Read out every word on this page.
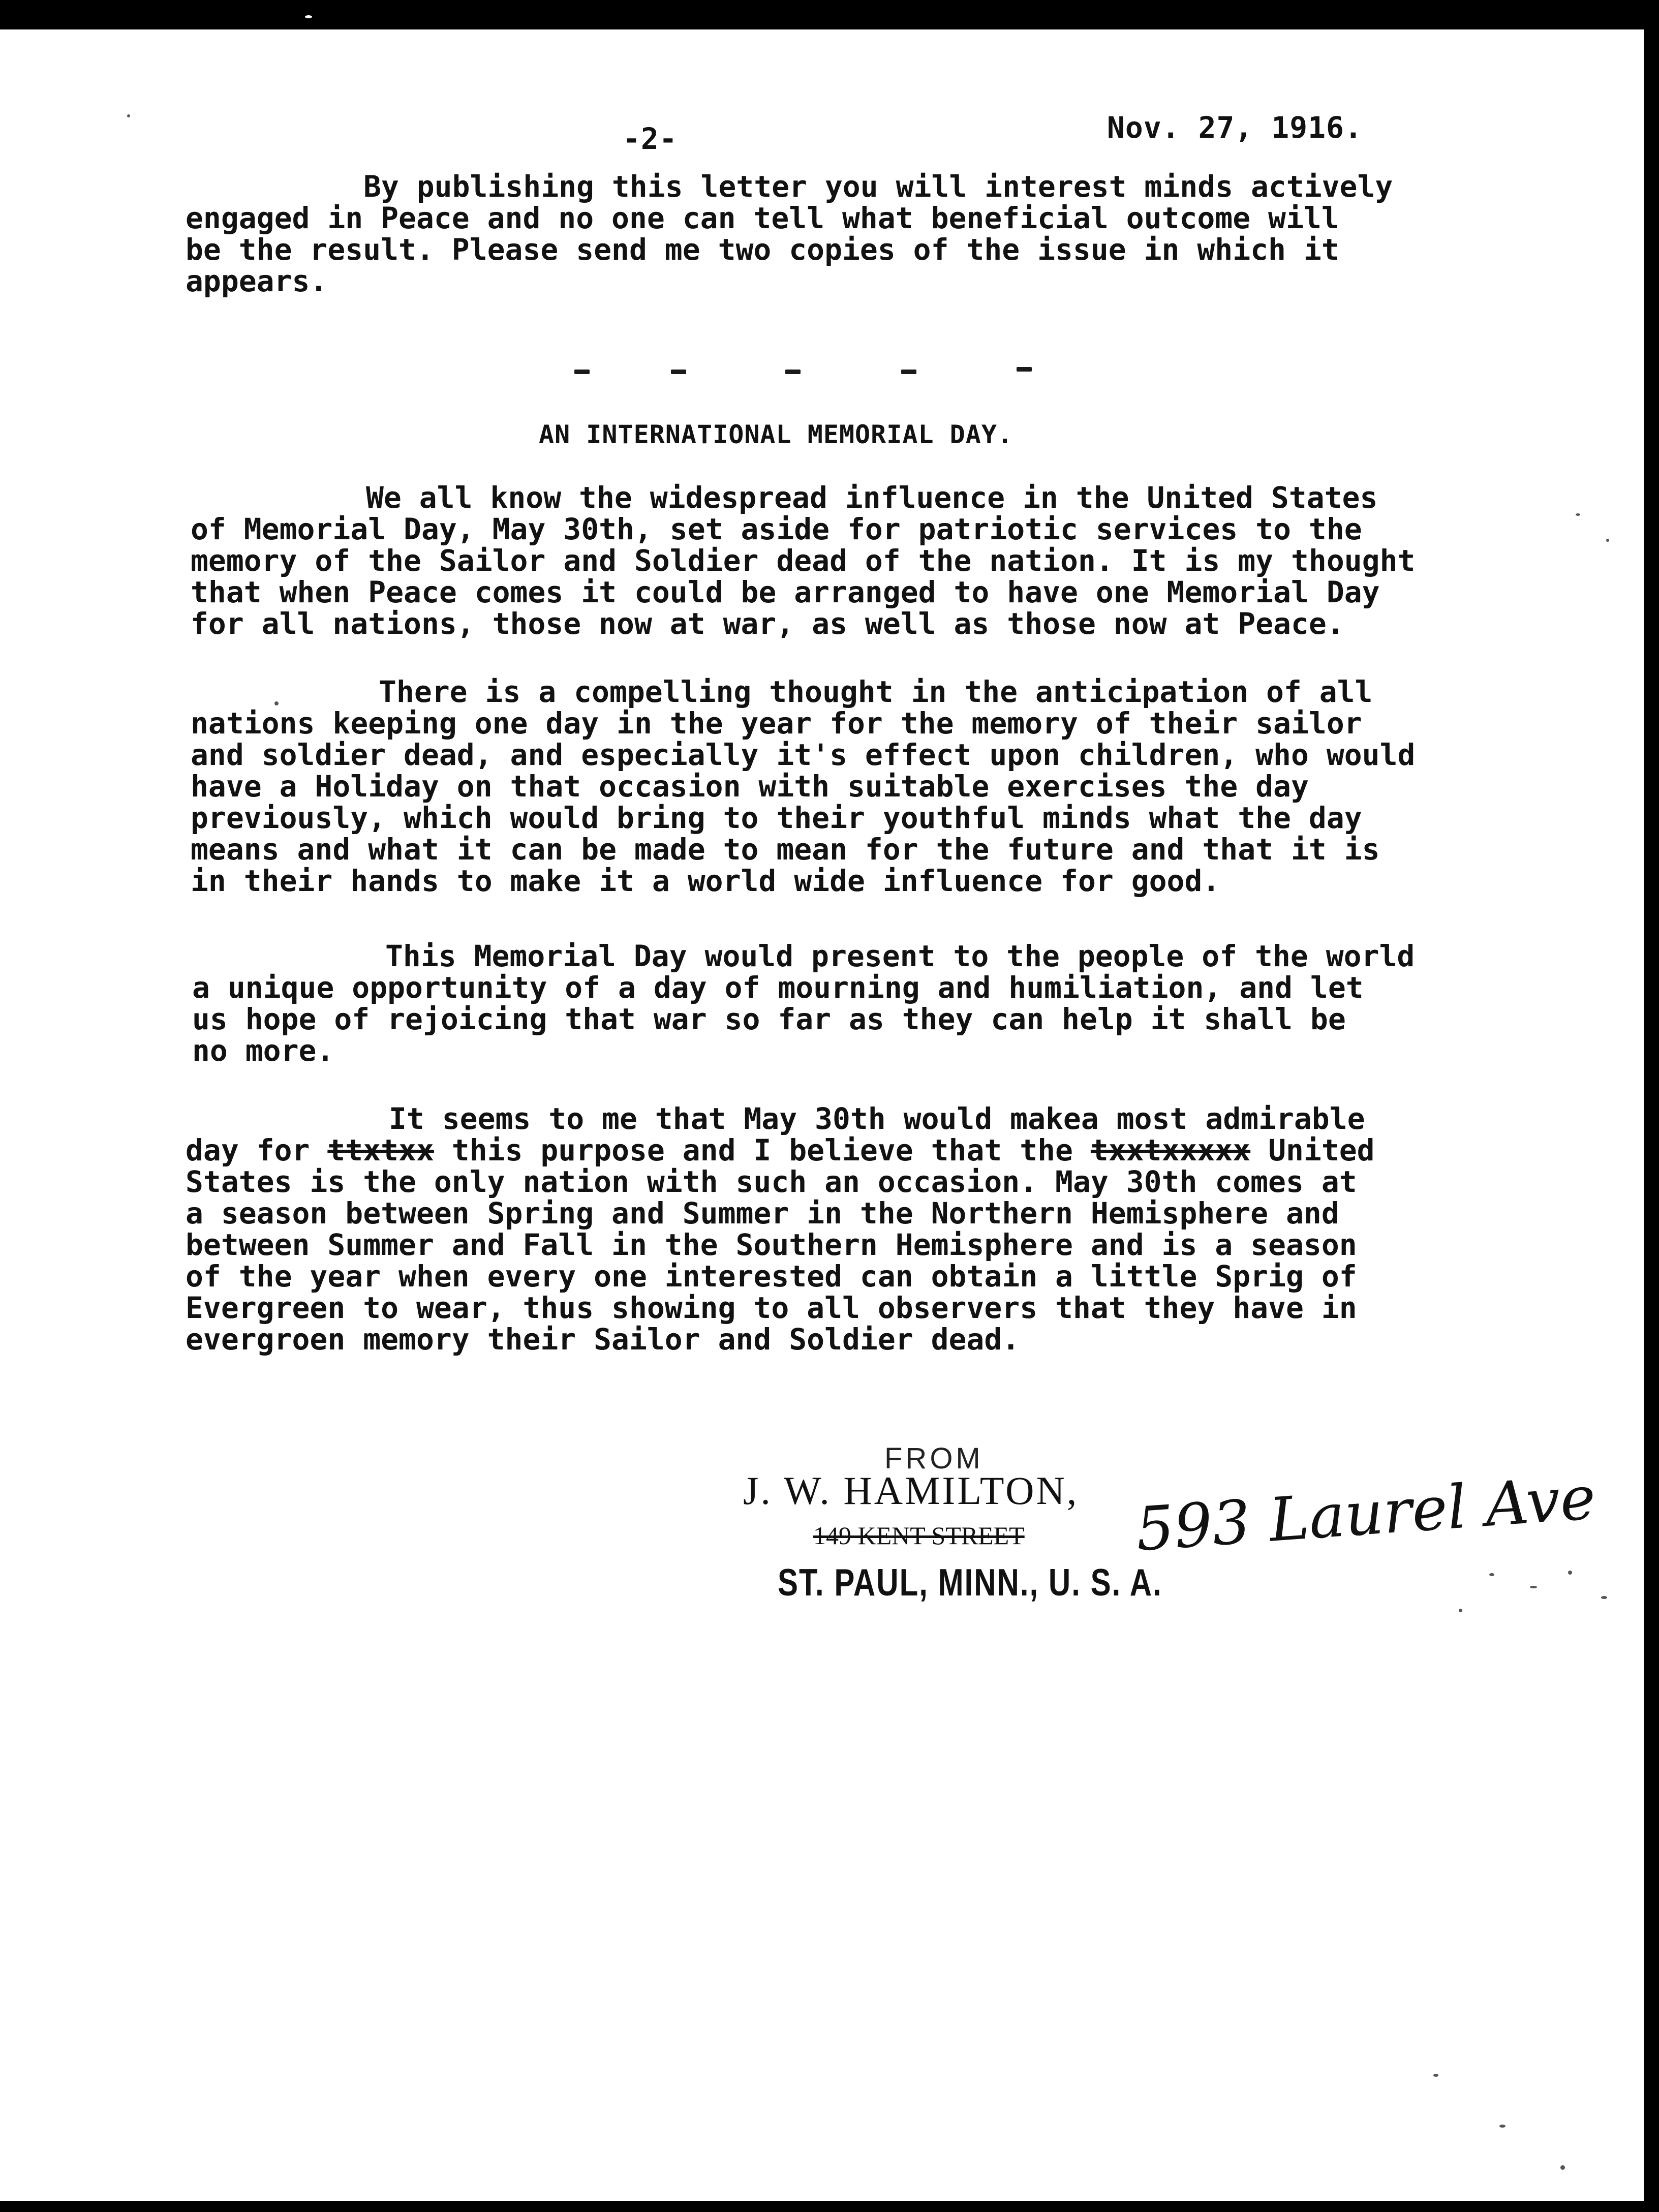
-2-	Nov. 27, 1916.
By publishing this letter you will interest minds actively
engaged in Peace and no one can tell what beneficial outcome will
be the result. Please send me two copies of the issue in which it
appears.
AN INTERNATIONAL MEMORIAL DAY.
We all know the widespread influence in the United States
of Memorial Day, May 30th, set aside for patriotic services to the
memory of the Sailor and Soldier dead of the nation. It is my thought
that when Peace comes it could be arranged to have one Memorial Day
for all nations, those now at war, as well as those now at Peace.
There is a compelling thought in the anticipation of all
nations keeping one day in the year for the memory of their sailor
and soldier dead, and especially it's effect upon children, who would
have a Holiday on that occasion with suitable exercises the day
previously, which would bring to their youthful minds what the day
means and what it can be made to mean for the future and that it is
in their hands to make it a world wide influence for good.
This Memorial Day would present to the people of the world
a unique opportunity of a day of mourning and humiliation, and let
us hope of rejoicing that war so far as they can help it shall be
no more.
It seems to me that May 30th would makea most admirable
day for ttxtxx this purpose and I believe that the txxtxxxxx United
States is the only nation with such an occasion. May 30th comes at
a season between Spring and Summer in the Northern Hemisphere and
between Summer and Fall in the Southern Hemisphere and is a season
of the year when every one interested can obtain a little Sprig of
Evergreen to wear, thus showing to all observers that they have in
evergroen memory their Sailor and Soldier dead.
FROM
J. W. HAMILTON,
149 KENT STREET
ST. PAUL, MINN., U. S. A.
593 Laurel Ave
